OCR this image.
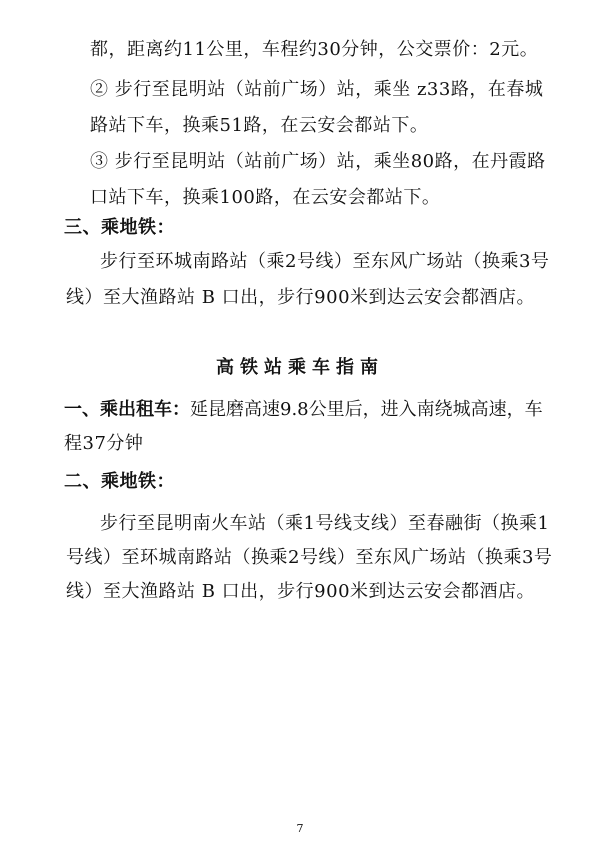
都，距离约11公里，车程约30分钟，公交票价：2元。
② 步行至昆明站（站前广场）站，乘坐 z33路，在春城
路站下车，换乘51路，在云安会都站下。
③ 步行至昆明站（站前广场）站，乘坐80路，在丹霞路
口站下车，换乘100路，在云安会都站下。
三、乘地铁：
步行至环城南路站（乘2号线）至东风广场站（换乘3号
线）至大渔路站 B 口出，步行900米到达云安会都酒店。
高铁站乘车指南
一、乘出租车：延昆磨高速9.8公里后，进入南绕城高速，车
程37分钟
二、乘地铁：
步行至昆明南火车站（乘1号线支线）至春融街（换乘1
号线）至环城南路站（换乘2号线）至东风广场站（换乘3号
线）至大渔路站 B 口出，步行900米到达云安会都酒店。
7
